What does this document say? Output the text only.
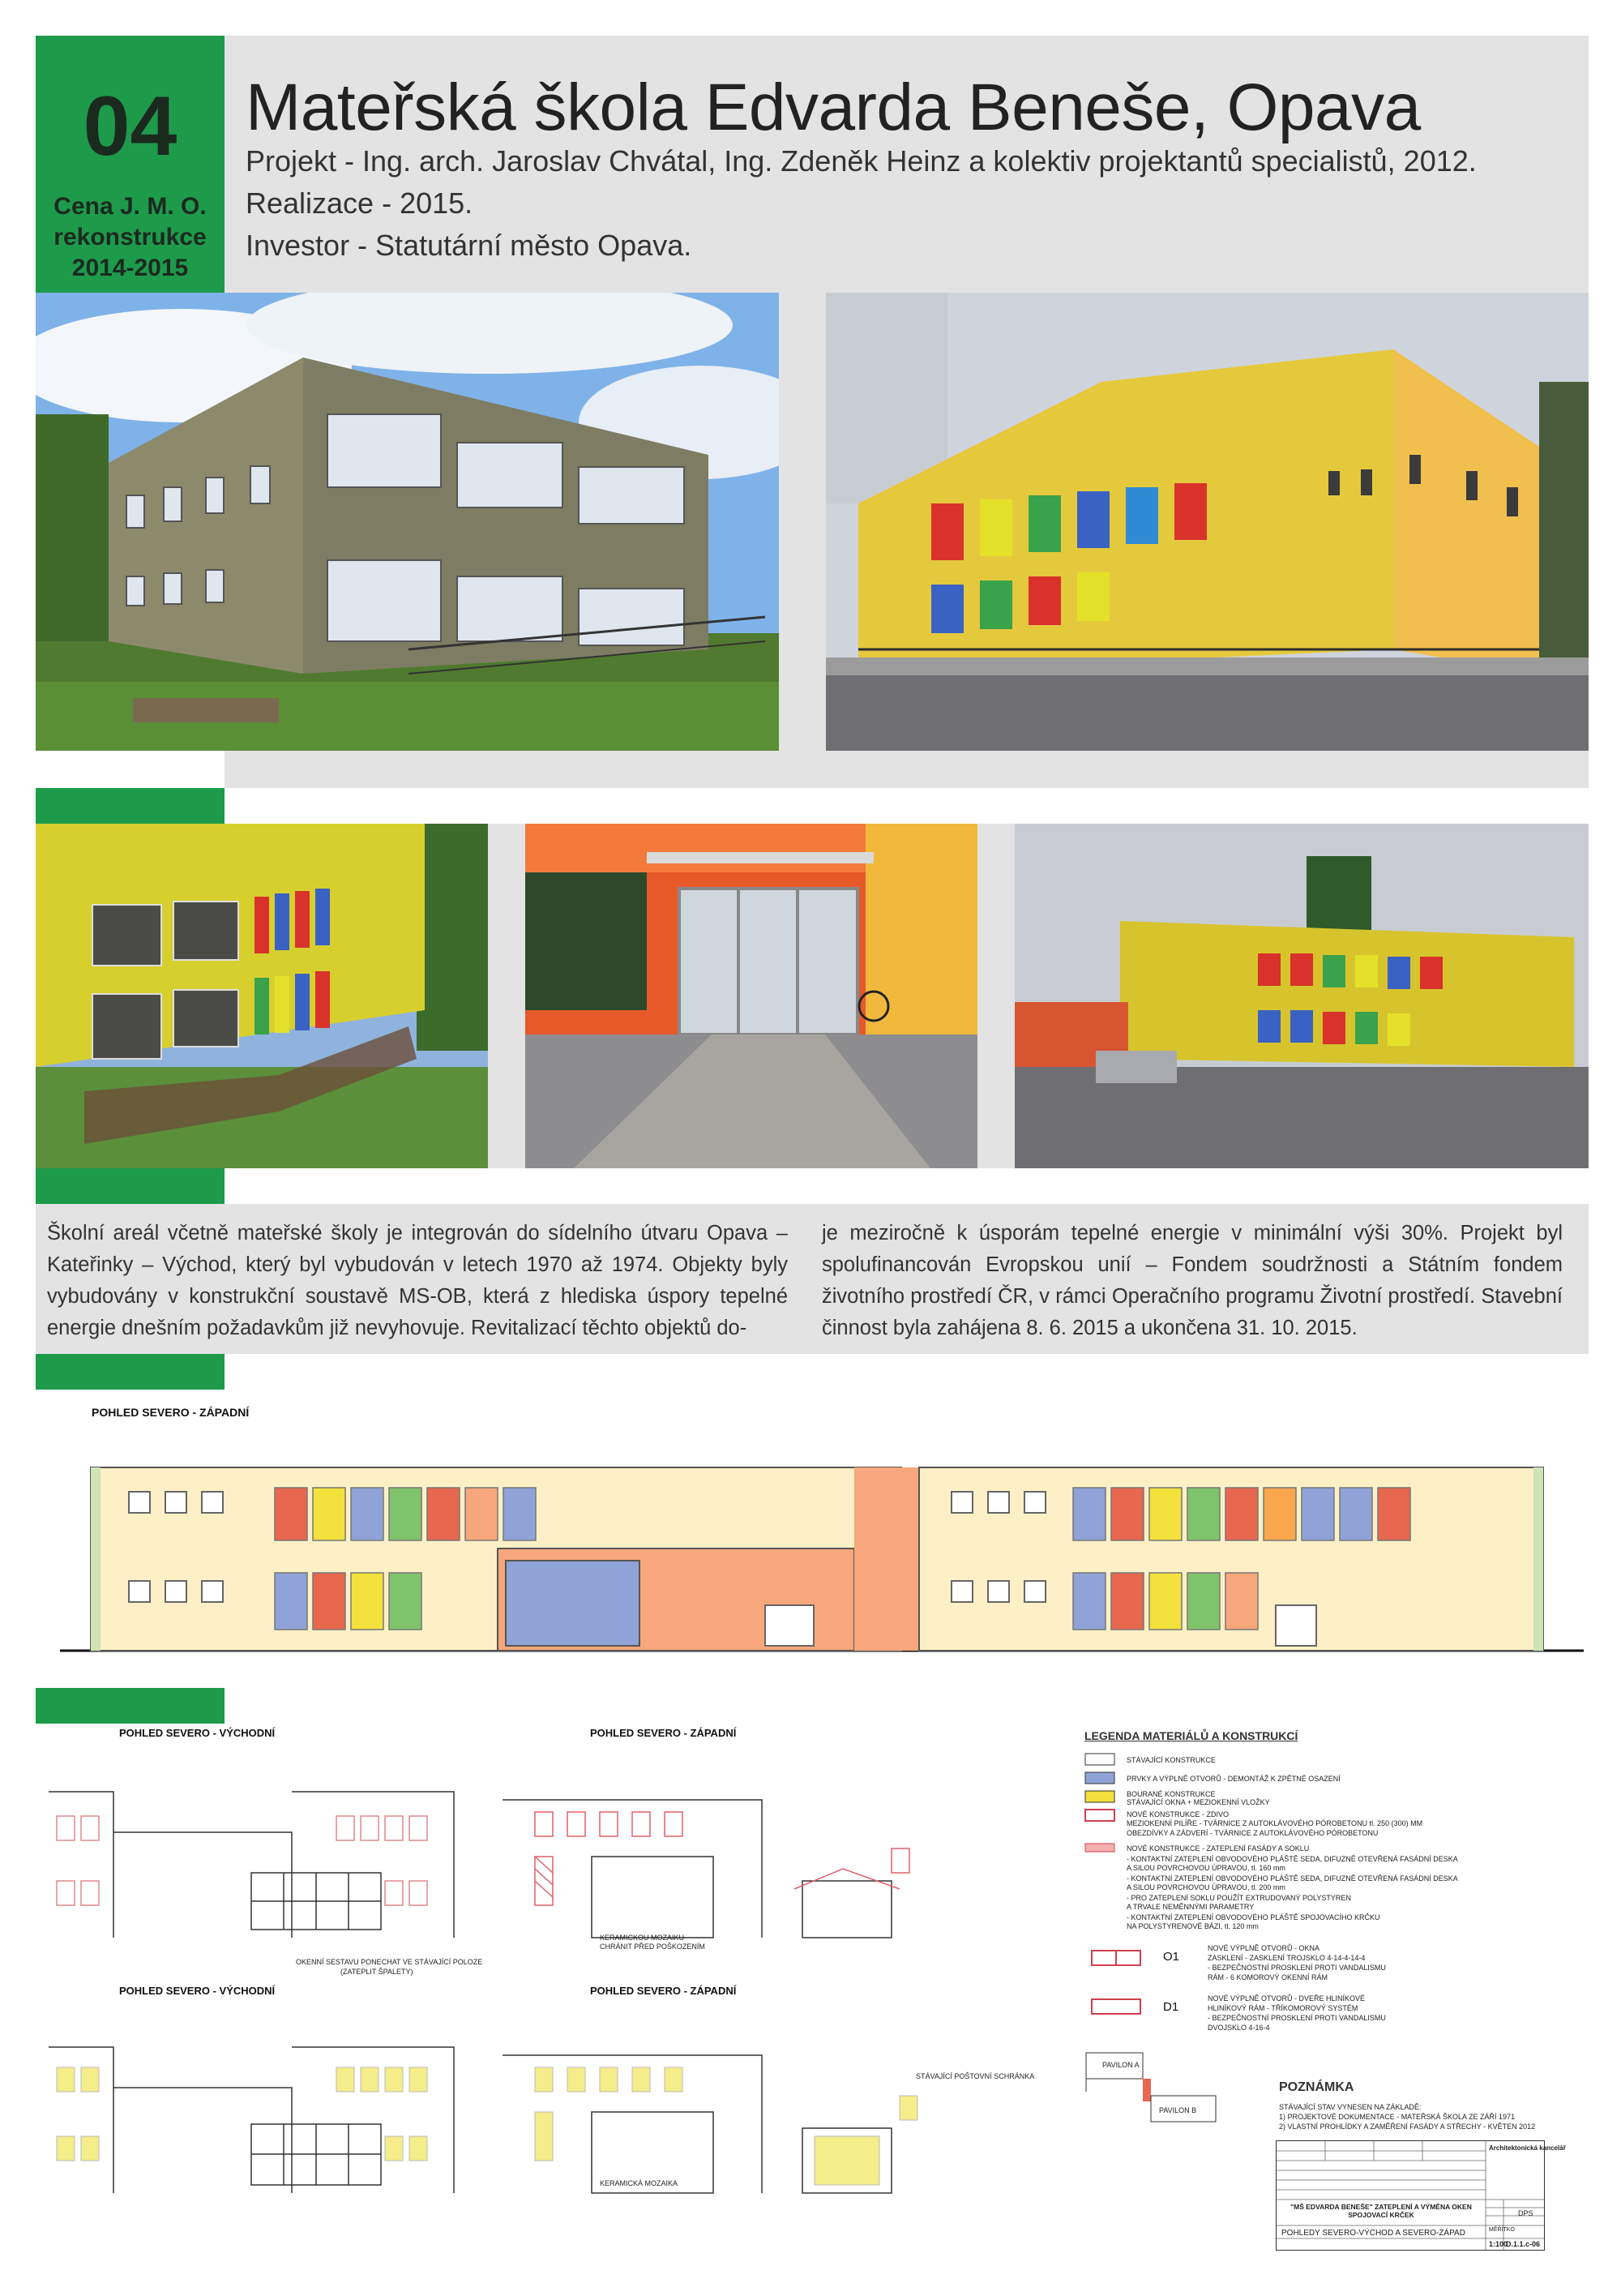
04
Cena J. M. O.
rekonstrukce
2014-2015
Mateřská škola Edvarda Beneše, Opava
Projekt - Ing. arch. Jaroslav Chvátal, Ing. Zdeněk Heinz a kolektiv projektantů specialistů, 2012.
Realizace - 2015.
Investor - Statutární město Opava.
Školní areál včetně mateřské školy je integrován do sídelního útvaru Opava – Kateřinky – Východ, který byl vybudován v letech 1970 až 1974. Objekty byly vybudovány v konstrukční soustavě MS-OB, která z hlediska úspory tepelné energie dnešním požadavkům již nevyhovuje. Revitalizací těchto objektů do-
je meziročně k úsporám tepelné energie v minimální výši 30%. Projekt byl spolufinancován Evropskou unií – Fondem soudržnosti a Státním fondem životního prostředí ČR, v rámci Operačního programu Životní prostředí. Stavební činnost byla zahájena 8. 6. 2015 a ukončena 31. 10. 2015.
POHLED SEVERO - ZÁPADNÍ
POHLED SEVERO - VÝCHODNÍ	POHLED SEVERO - ZÁPADNÍ
POHLED SEVERO - VÝCHODNÍ	POHLED SEVERO - ZÁPADNÍ
OKENNÍ SESTAVU PONECHAT VE STÁVAJÍCÍ POLOZE
(ZATEPLIT ŠPALETY)
KERAMICKOU MOZAIKU
CHRÁNIT PŘED POŠKOZENÍM
KERAMICKÁ MOZAIKA
STÁVAJÍCÍ POŠTOVNÍ SCHRÁNKA
LEGENDA MATERIÁLŮ A KONSTRUKCÍ
STÁVAJÍCÍ KONSTRUKCE
PRVKY A VÝPLNĚ OTVORŮ - DEMONTÁŽ K ZPĚTNÉ OSAZENÍ
BOURANÉ KONSTRUKCE
STÁVAJÍCÍ OKNA + MEZIOKENNÍ VLOŽKY
NOVÉ KONSTRUKCE - ZDIVO
MEZIOKENNÍ PILÍŘE - TVÁRNICE Z AUTOKLÁVOVÉHO PÓROBETONU tl. 250 (300) MM
OBEZDÍVKY A ZÁDVERÍ - TVÁRNICE Z AUTOKLÁVOVÉHO PÓROBETONU
NOVÉ KONSTRUKCE - ZATEPLENÍ FASÁDY A SOKLU
- KONTAKTNÍ ZATEPLENÍ OBVODOVÉHO PLÁŠTĚ SEDA, DIFUZNĚ OTEVŘENÁ FASÁDNÍ DESKA
A SILOU POVRCHOVOU ÚPRAVOU, tl. 160 mm
- KONTAKTNÍ ZATEPLENÍ OBVODOVÉHO PLÁŠTĚ SEDA, DIFUZNĚ OTEVŘENÁ FASÁDNÍ DESKA
A SILOU POVRCHOVOU ÚPRAVOU, tl. 200 mm
- PRO ZATEPLENÍ SOKLU POUŽÍT EXTRUDOVANÝ POLYSTYREN
A TRVALE NEMĚNNÝMI PARAMETRY
- KONTAKTNÍ ZATEPLENÍ OBVODOVÉHO PLÁŠTĚ SPOJOVACÍHO KRČKU
NA POLYSTYRENOVÉ BÁZI, tl. 120 mm
O1
NOVÉ VÝPLNĚ OTVORŮ - OKNA
ZASKLENÍ - ZASKLENÍ TROJSKLO 4-14-4-14-4
- BEZPEČNOSTNÍ PROSKLENÍ PROTI VANDALISMU
RÁM - 6 KOMOROVÝ OKENNÍ RÁM
D1
NOVÉ VÝPLNĚ OTVORŮ - DVEŘE HLINÍKOVÉ
HLINÍKOVÝ RÁM - TŘÍKOMOROVÝ SYSTÉM
- BEZPEČNOSTNÍ PROSKLENÍ PROTI VANDALISMU
DVOJSKLO 4-16-4
PAVILON A
PAVILON B
POZNÁMKA
STÁVAJÍCÍ STAV VYNESEN NA ZÁKLADĚ:
1) PROJEKTOVÉ DOKUMENTACE - MATEŘSKÁ ŠKOLA ZE ZÁŘÍ 1971
2) VLASTNÍ PROHLÍDKY A ZAMĚŘENÍ FASÁDY A STŘECHY - KVĚTEN 2012
Architektonická kancelář
"MŠ EDVARDA BENEŠE" ZATEPLENÍ A VÝMĚNA OKEN SPOJOVACÍ KRČEK
POHLEDY SEVERO-VÝCHOD A SEVERO-ZÁPAD
DPS
MĚŘÍTKO
1:100
D.1.1.c-06
